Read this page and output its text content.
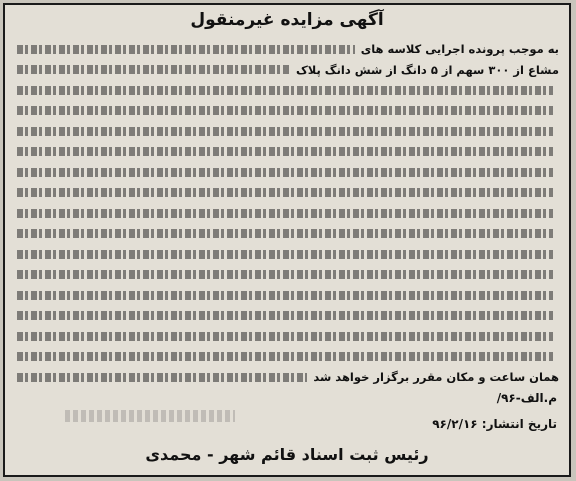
آگهی مزایده غیرمنقول
به موجب پرونده اجرایی کلاسه های
مشاع از ۳۰۰ سهم از ۵ دانگ از شش دانگ پلاک
همان ساعت و مکان مقرر برگزار خواهد شد
م.الف-۹۶/
تاریخ انتشار: ۹۶/۲/۱۶
رئیس ثبت اسناد قائم شهر - محمدی
